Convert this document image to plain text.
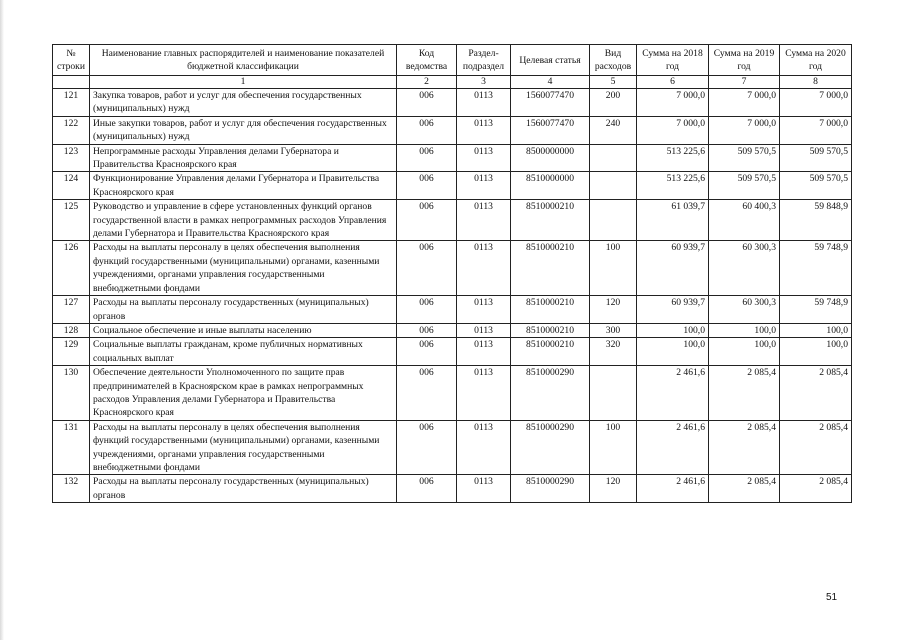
№ строки	Наименование главных распорядителей и наименование показателей бюджетной классификации	Код ведомства	Раздел-подраздел	Целевая статья	Вид расходов	Сумма на 2018 год	Сумма на 2019 год	Сумма на 2020 год
	1	2	3	4	5	6	7	8
121	Закупка товаров, работ и услуг для обеспечения государственных (муниципальных) нужд	006	0113	1560077470	200	7 000,0	7 000,0	7 000,0
122	Иные закупки товаров, работ и услуг для обеспечения государственных (муниципальных) нужд	006	0113	1560077470	240	7 000,0	7 000,0	7 000,0
123	Непрограммные расходы Управления делами Губернатора и Правительства Красноярского края	006	0113	8500000000		513 225,6	509 570,5	509 570,5
124	Функционирование Управления делами Губернатора и Правительства Красноярского края	006	0113	8510000000		513 225,6	509 570,5	509 570,5
125	Руководство и управление в сфере установленных функций органов государственной власти в рамках непрограммных расходов Управления делами Губернатора и Правительства Красноярского края	006	0113	8510000210		61 039,7	60 400,3	59 848,9
126	Расходы на выплаты персоналу в целях обеспечения выполнения функций государственными (муниципальными) органами, казенными учреждениями, органами управления государственными внебюджетными фондами	006	0113	8510000210	100	60 939,7	60 300,3	59 748,9
127	Расходы на выплаты персоналу государственных (муниципальных) органов	006	0113	8510000210	120	60 939,7	60 300,3	59 748,9
128	Социальное обеспечение и иные выплаты населению	006	0113	8510000210	300	100,0	100,0	100,0
129	Социальные выплаты гражданам, кроме публичных нормативных социальных выплат	006	0113	8510000210	320	100,0	100,0	100,0
130	Обеспечение деятельности Уполномоченного по защите прав предпринимателей в Красноярском крае в рамках непрограммных расходов Управления делами Губернатора и Правительства Красноярского края	006	0113	8510000290		2 461,6	2 085,4	2 085,4
131	Расходы на выплаты персоналу в целях обеспечения выполнения функций государственными (муниципальными) органами, казенными учреждениями, органами управления государственными внебюджетными фондами	006	0113	8510000290	100	2 461,6	2 085,4	2 085,4
132	Расходы на выплаты персоналу государственных (муниципальных) органов	006	0113	8510000290	120	2 461,6	2 085,4	2 085,4
51
